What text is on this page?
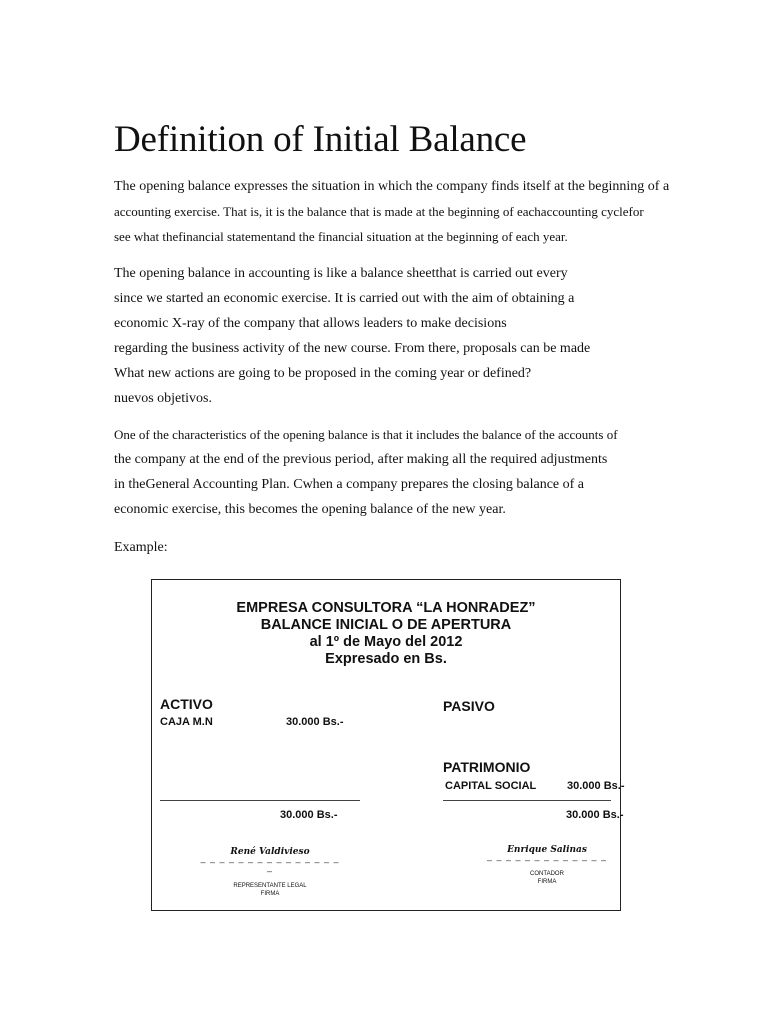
Definition of Initial Balance
The opening balance expresses the situation in which the company finds itself at the beginning of a
accounting exercise. That is, it is the balance that is made at the beginning of eachaccounting cyclefor
see what thefinancial statementand the financial situation at the beginning of each year.
The opening balance in accounting is like a balance sheetthat is carried out every
since we started an economic exercise. It is carried out with the aim of obtaining a
economic X-ray of the company that allows leaders to make decisions
regarding the business activity of the new course. From there, proposals can be made
What new actions are going to be proposed in the coming year or defined?
nuevos objetivos.
One of the characteristics of the opening balance is that it includes the balance of the accounts of
the company at the end of the previous period, after making all the required adjustments
in theGeneral Accounting Plan. Cwhen a company prepares the closing balance of a
economic exercise, this becomes the opening balance of the new year.
Example:
EMPRESA CONSULTORA “LA HONRADEZ”
BALANCE INICIAL O DE APERTURA
al 1º de Mayo del 2012
Expresado en Bs.
ACTIVO
CAJA M.N	30.000 Bs.-
PASIVO
PATRIMONIO
CAPITAL SOCIAL	30.000 Bs.-
30.000 Bs.-	30.000 Bs.-
René Valdivieso
– – – – – – – – – – – – – – – –
REPRESENTANTE LEGAL
FIRMA
Enrique Salinas
– – – – – – – – – – – – –
CONTADOR
FIRMA
